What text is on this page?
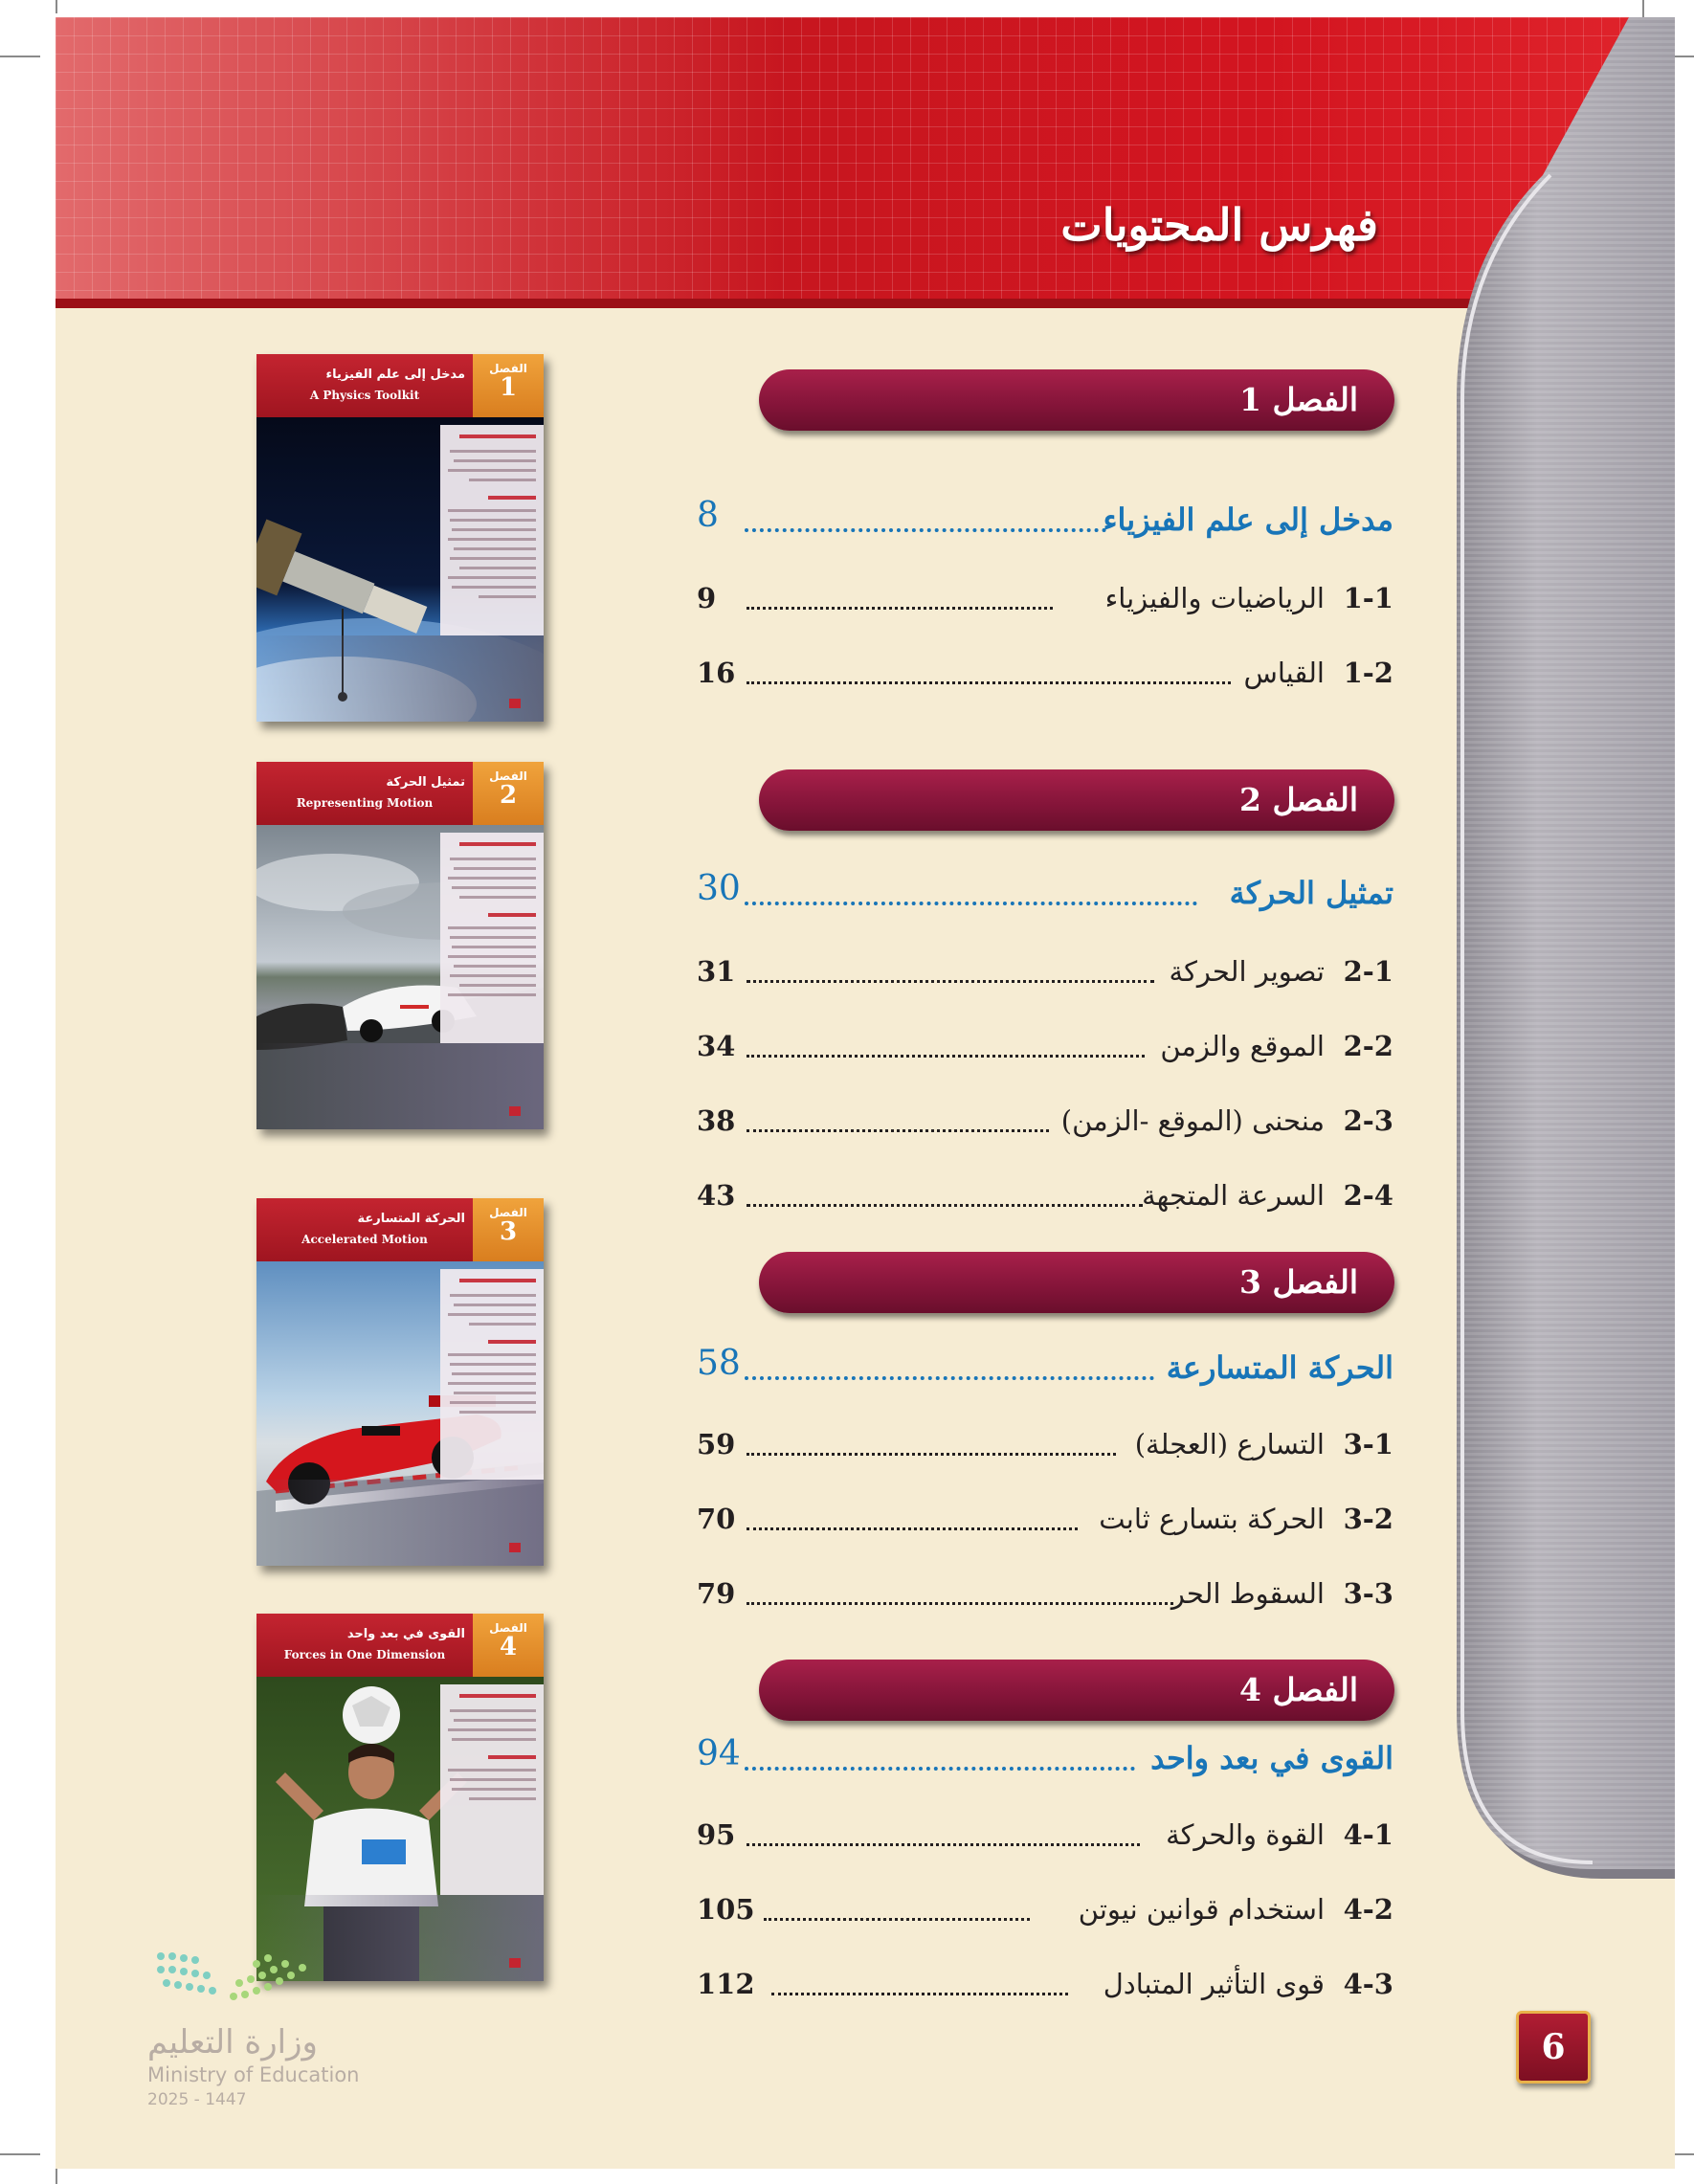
فهرس المحتويات
مدخل إلى علم الفيزياء
A Physics Toolkit
الفصل
1
تمثيل الحركة
Representing Motion
الفصل
2
الحركة المتسارعة
Accelerated Motion
الفصل
3
القوى في بعد واحد
Forces in One Dimension
الفصل
4
الفصل 1
مدخل إلى علم الفيزياء
8
1-1
الرياضيات والفيزياء
9
1-2
القياس
16
الفصل 2
تمثيل الحركة
30
2-1
تصوير الحركة
31
2-2
الموقع والزمن
34
2-3
منحنى (الموقع -الزمن)
38
2-4
السرعة المتجهة
43
الفصل 3
الحركة المتسارعة
58
3-1
التسارع (العجلة)
59
3-2
الحركة بتسارع ثابت
70
3-3
السقوط الحر
79
الفصل 4
القوى في بعد واحد
94
4-1
القوة والحركة
95
4-2
استخدام قوانين نيوتن
105
4-3
قوى التأثير المتبادل
112
6
وزارة التعليم
Ministry of Education
2025 - 1447
